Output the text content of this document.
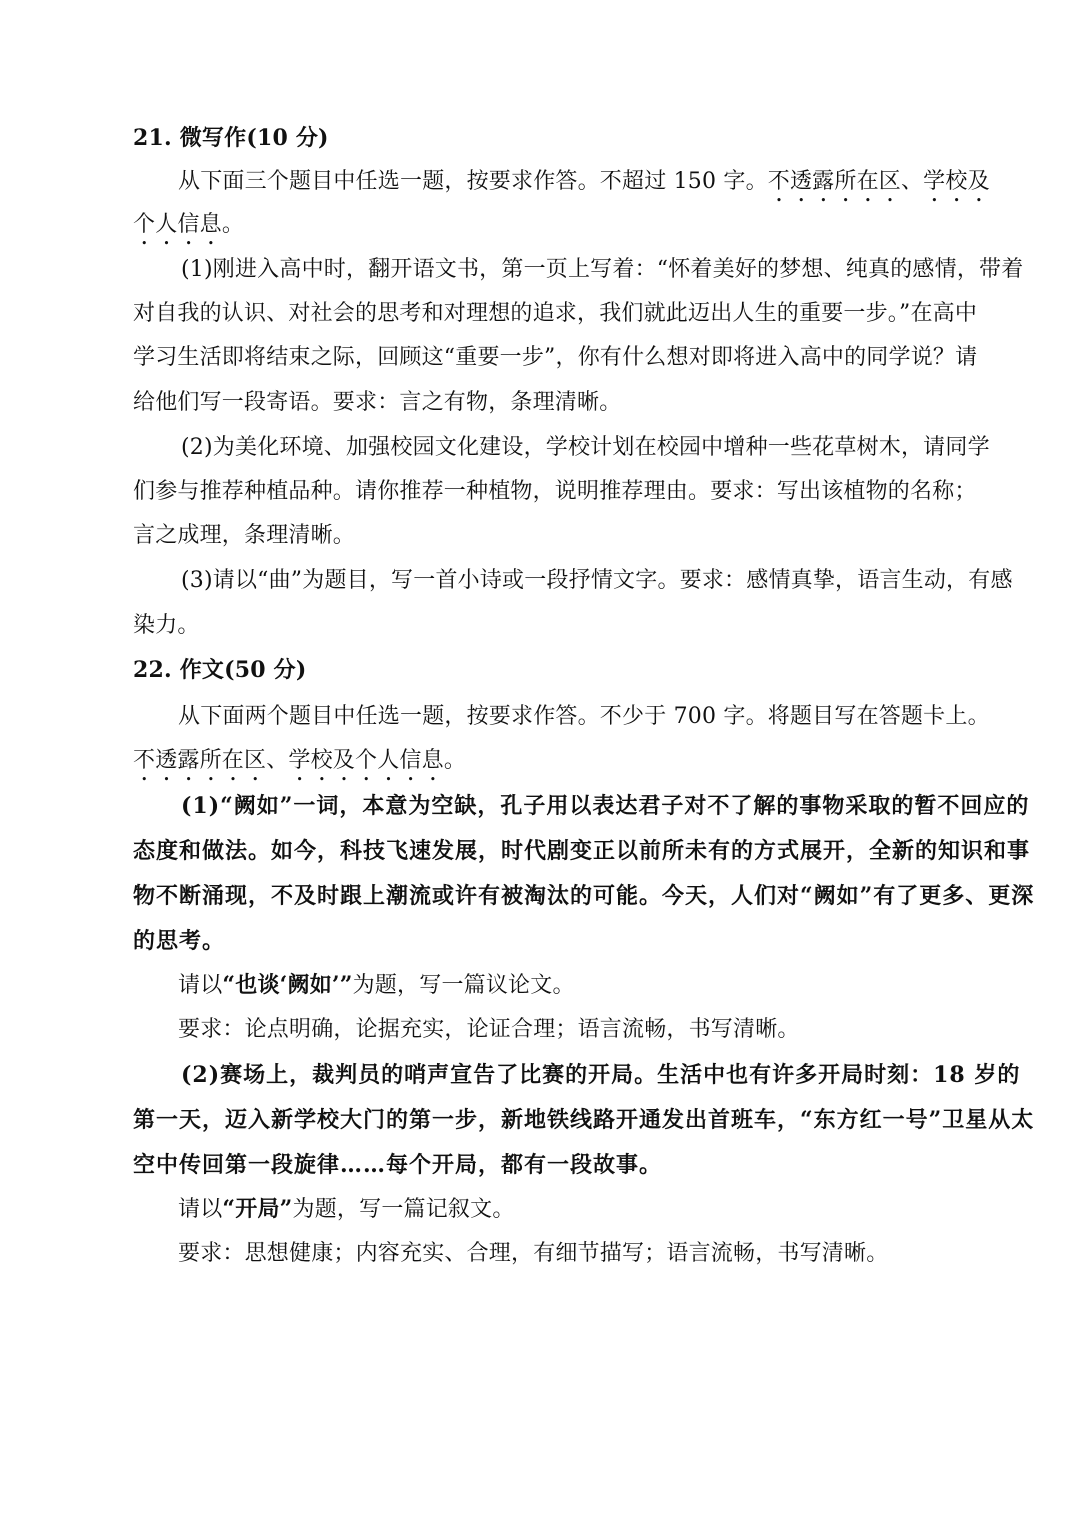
21. 微写作(10 分)
从下面三个题目中任选一题，按要求作答。不超过 150 字。不透露所在区、学校及
个人信息。
(1)刚进入高中时，翻开语文书，第一页上写着：“怀着美好的梦想、纯真的感情，带着
对自我的认识、对社会的思考和对理想的追求，我们就此迈出人生的重要一步。”在高中
学习生活即将结束之际，回顾这“重要一步”，你有什么想对即将进入高中的同学说？请
给他们写一段寄语。要求：言之有物，条理清晰。
(2)为美化环境、加强校园文化建设，学校计划在校园中增种一些花草树木，请同学
们参与推荐种植品种。请你推荐一种植物，说明推荐理由。要求：写出该植物的名称；
言之成理，条理清晰。
(3)请以“曲”为题目，写一首小诗或一段抒情文字。要求：感情真挚，语言生动，有感
染力。
22. 作文(50 分)
从下面两个题目中任选一题，按要求作答。不少于 700 字。将题目写在答题卡上。
不透露所在区、学校及个人信息。
(1)“阙如”一词，本意为空缺，孔子用以表达君子对不了解的事物采取的暂不回应的
态度和做法。如今，科技飞速发展，时代剧变正以前所未有的方式展开，全新的知识和事
物不断涌现，不及时跟上潮流或许有被淘汰的可能。今天，人们对“阙如”有了更多、更深
的思考。
请以“也谈‘阙如’”为题，写一篇议论文。
要求：论点明确，论据充实，论证合理；语言流畅，书写清晰。
(2)赛场上，裁判员的哨声宣告了比赛的开局。生活中也有许多开局时刻：18 岁的
第一天，迈入新学校大门的第一步，新地铁线路开通发出首班车，“东方红一号”卫星从太
空中传回第一段旋律……每个开局，都有一段故事。
请以“开局”为题，写一篇记叙文。
要求：思想健康；内容充实、合理，有细节描写；语言流畅，书写清晰。
